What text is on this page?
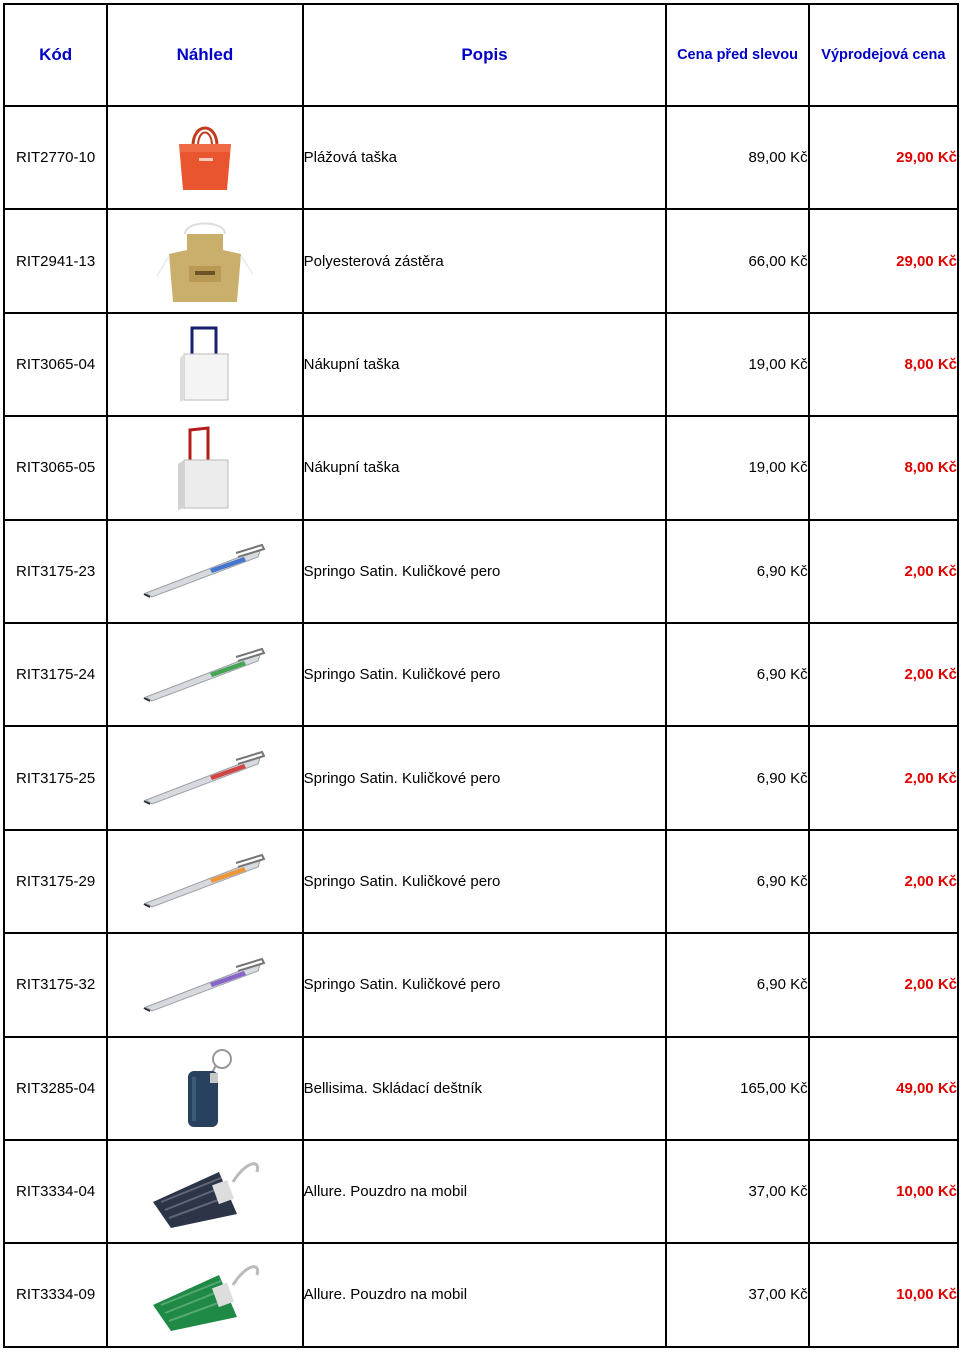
Kód	Náhled	Popis	Cena před slevou	Výprodejová cena
RIT2770-10		Plážová taška	89,00 Kč	29,00 Kč
RIT2941-13		Polyesterová zástěra	66,00 Kč	29,00 Kč
RIT3065-04		Nákupní taška	19,00 Kč	8,00 Kč
RIT3065-05		Nákupní taška	19,00 Kč	8,00 Kč
RIT3175-23		Springo Satin. Kuličkové pero	6,90 Kč	2,00 Kč
RIT3175-24		Springo Satin. Kuličkové pero	6,90 Kč	2,00 Kč
RIT3175-25		Springo Satin. Kuličkové pero	6,90 Kč	2,00 Kč
RIT3175-29		Springo Satin. Kuličkové pero	6,90 Kč	2,00 Kč
RIT3175-32		Springo Satin. Kuličkové pero	6,90 Kč	2,00 Kč
RIT3285-04		Bellisima. Skládací deštník	165,00 Kč	49,00 Kč
RIT3334-04		Allure. Pouzdro na mobil	37,00 Kč	10,00 Kč
RIT3334-09		Allure. Pouzdro na mobil	37,00 Kč	10,00 Kč
